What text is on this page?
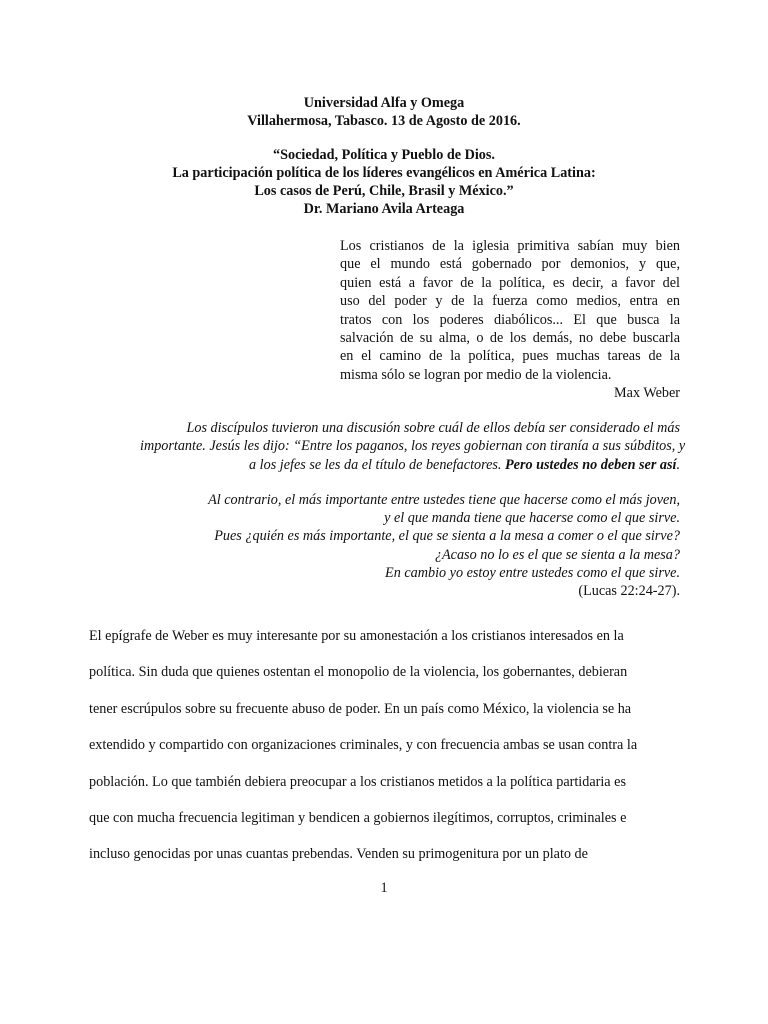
Universidad Alfa y Omega
Villahermosa, Tabasco. 13 de Agosto de 2016.
“Sociedad, Política y Pueblo de Dios.
La participación política de los líderes evangélicos en América Latina:
Los casos de Perú, Chile, Brasil y México.”
Dr. Mariano Avila Arteaga
Los cristianos de la iglesia primitiva sabían muy bien
que el mundo está gobernado por demonios, y que,
quien está a favor de la política, es decir, a favor del
uso del poder y de la fuerza como medios, entra en
tratos con los poderes diabólicos... El que busca la
salvación de su alma, o de los demás, no debe buscarla
en el camino de la política, pues muchas tareas de la
misma sólo se logran por medio de la violencia.
Max Weber
Los discípulos tuvieron una discusión sobre cuál de ellos debía ser considerado el más
importante. Jesús les dijo: “Entre los paganos, los reyes gobiernan con tiranía a sus súbditos, y
a los jefes se les da el título de benefactores. Pero ustedes no deben ser así.
Al contrario, el más importante entre ustedes tiene que hacerse como el más joven,
y el que manda tiene que hacerse como el que sirve.
Pues ¿quién es más importante, el que se sienta a la mesa a comer o el que sirve?
¿Acaso no lo es el que se sienta a la mesa?
En cambio yo estoy entre ustedes como el que sirve.
(Lucas 22:24-27).
El epígrafe de Weber es muy interesante por su amonestación a los cristianos interesados en la
política. Sin duda que quienes ostentan el monopolio de la violencia, los gobernantes, debieran
tener escrúpulos sobre su frecuente abuso de poder. En un país como México, la violencia se ha
extendido y compartido con organizaciones criminales, y con frecuencia ambas se usan contra la
población. Lo que también debiera preocupar a los cristianos metidos a la política partidaria es
que con mucha frecuencia legitiman y bendicen a gobiernos ilegítimos, corruptos, criminales e
incluso genocidas por unas cuantas prebendas. Venden su primogenitura por un plato de
1
